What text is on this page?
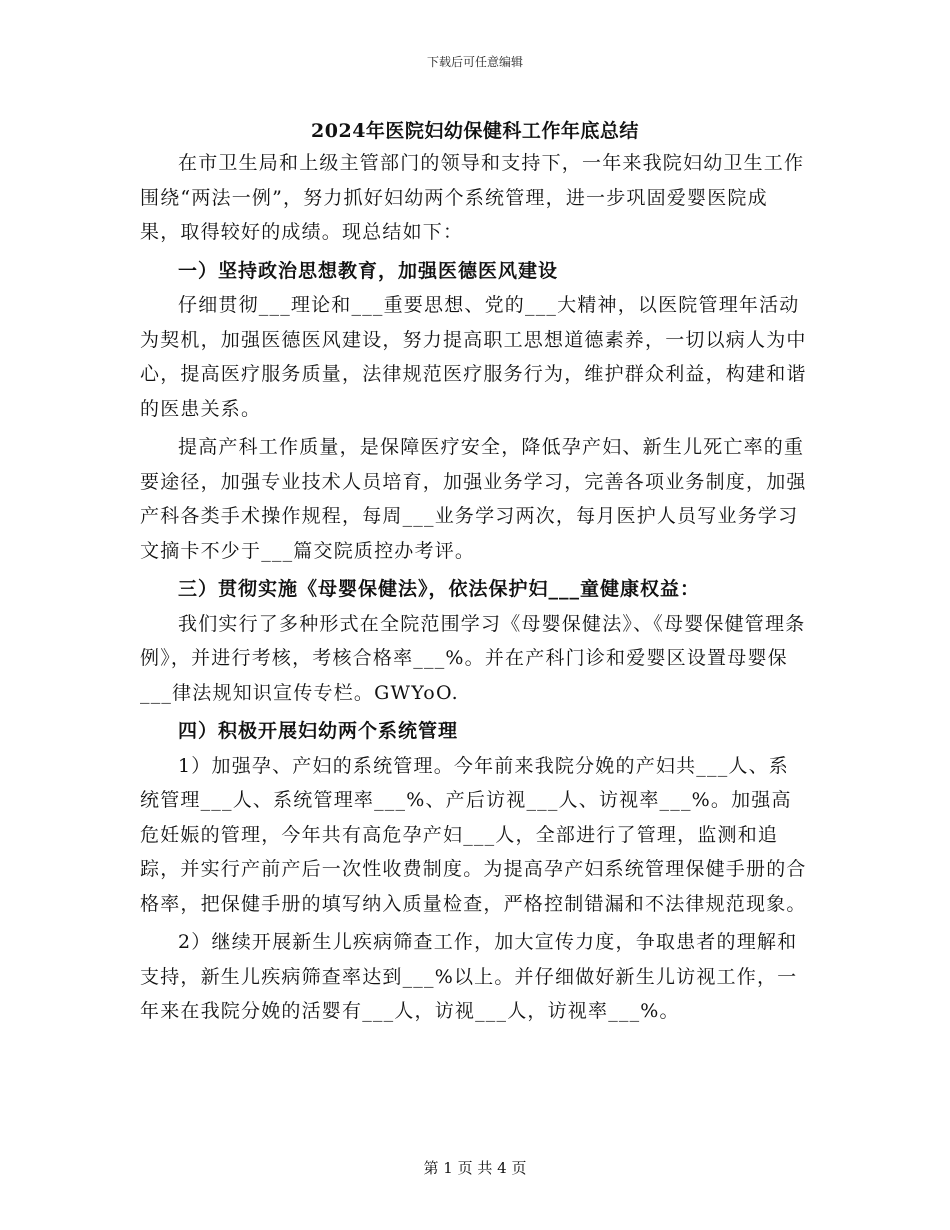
下载后可任意编辑
2024年医院妇幼保健科工作年底总结

在市卫生局和上级主管部门的领导和支持下，一年来我院妇幼卫生工作围绕“两法一例”，努力抓好妇幼两个系统管理，进一步巩固爱婴医院成果，取得较好的成绩。现总结如下：

一）坚持政治思想教育，加强医德医风建设

仔细贯彻___理论和___重要思想、党的___大精神，以医院管理年活动为契机，加强医德医风建设，努力提高职工思想道德素养，一切以病人为中心，提高医疗服务质量，法律规范医疗服务行为，维护群众利益，构建和谐的医患关系。

提高产科工作质量，是保障医疗安全，降低孕产妇、新生儿死亡率的重要途径，加强专业技术人员培育，加强业务学习，完善各项业务制度，加强产科各类手术操作规程，每周___业务学习两次，每月医护人员写业务学习文摘卡不少于___篇交院质控办考评。

三）贯彻实施《母婴保健法》，依法保护妇___童健康权益：

我们实行了多种形式在全院范围学习《母婴保健法》、《母婴保健管理条例》，并进行考核，考核合格率___%。并在产科门诊和爱婴区设置母婴保___律法规知识宣传专栏。GWYoO.

四）积极开展妇幼两个系统管理

1）加强孕、产妇的系统管理。今年前来我院分娩的产妇共___人、系统管理___人、系统管理率___%、产后访视___人、访视率___%。加强高危妊娠的管理，今年共有高危孕产妇___人，全部进行了管理，监测和追踪，并实行产前产后一次性收费制度。为提高孕产妇系统管理保健手册的合格率，把保健手册的填写纳入质量检查，严格控制错漏和不法律规范现象。

2）继续开展新生儿疾病筛查工作，加大宣传力度，争取患者的理解和支持，新生儿疾病筛查率达到___%以上。并仔细做好新生儿访视工作，一年来在我院分娩的活婴有___人，访视___人，访视率___%。

第 1 页 共 4 页
